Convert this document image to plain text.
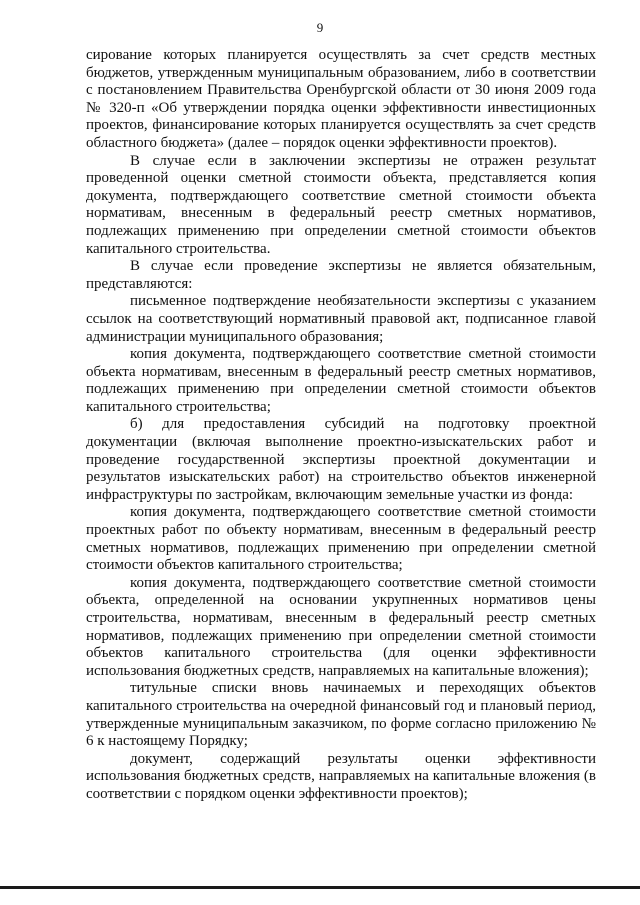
9

сирование которых планируется осуществлять за счет средств местных бюджетов, утвержденным муниципальным образованием, либо в соответствии с постановлением Правительства Оренбургской области от 30 июня 2009 года № 320-п «Об утверждении порядка оценки эффективности инвестиционных проектов, финансирование которых планируется осуществлять за счет средств областного бюджета» (далее – порядок оценки эффективности проектов).

В случае если в заключении экспертизы не отражен результат проведенной оценки сметной стоимости объекта, представляется копия документа, подтверждающего соответствие сметной стоимости объекта нормативам, внесенным в федеральный реестр сметных нормативов, подлежащих применению при определении сметной стоимости объектов капитального строительства.

В случае если проведение экспертизы не является обязательным, представляются:

письменное подтверждение необязательности экспертизы с указанием ссылок на соответствующий нормативный правовой акт, подписанное главой администрации муниципального образования;

копия документа, подтверждающего соответствие сметной стоимости объекта нормативам, внесенным в федеральный реестр сметных нормативов, подлежащих применению при определении сметной стоимости объектов капитального строительства;

б) для предоставления субсидий на подготовку проектной документации (включая выполнение проектно-изыскательских работ и проведение государственной экспертизы проектной документации и результатов изыскательских работ) на строительство объектов инженерной инфраструктуры по застройкам, включающим земельные участки из фонда:

копия документа, подтверждающего соответствие сметной стоимости проектных работ по объекту нормативам, внесенным в федеральный реестр сметных нормативов, подлежащих применению при определении сметной стоимости объектов капитального строительства;

копия документа, подтверждающего соответствие сметной стоимости объекта, определенной на основании укрупненных нормативов цены строительства, нормативам, внесенным в федеральный реестр сметных нормативов, подлежащих применению при определении сметной стоимости объектов капитального строительства (для оценки эффективности использования бюджетных средств, направляемых на капитальные вложения);

титульные списки вновь начинаемых и переходящих объектов капитального строительства на очередной финансовый год и плановый период, утвержденные муниципальным заказчиком, по форме согласно приложению № 6 к настоящему Порядку;

документ, содержащий результаты оценки эффективности использования бюджетных средств, направляемых на капитальные вложения (в соответствии с порядком оценки эффективности проектов);
